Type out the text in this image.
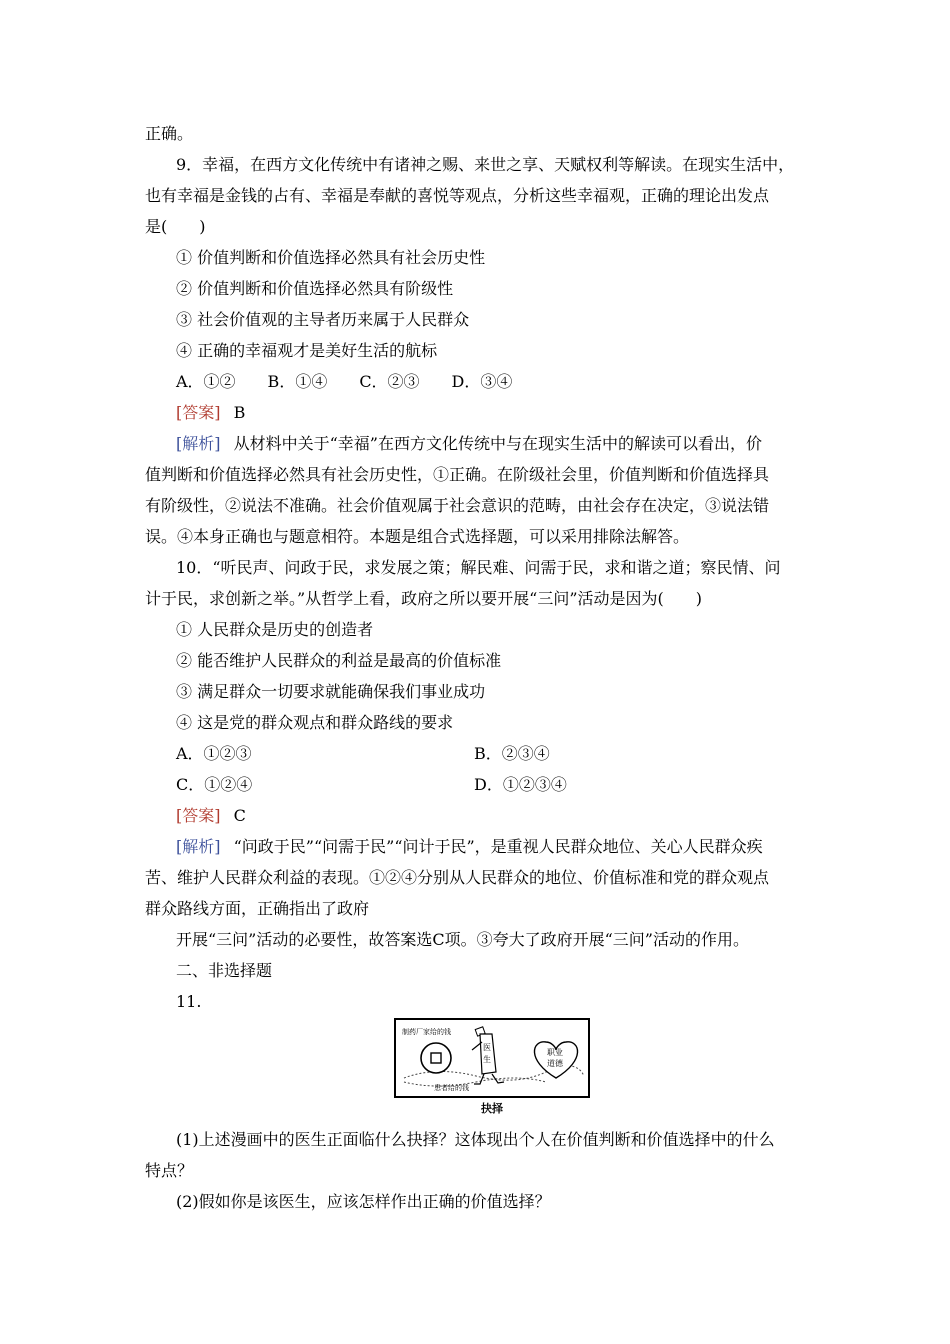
正确。
9．幸福，在西方文化传统中有诸神之赐、来世之享、天赋权利等解读。在现实生活中，
也有幸福是金钱的占有、幸福是奉献的喜悦等观点，分析这些幸福观，正确的理论出发点
是(　　)
① 价值判断和价值选择必然具有社会历史性
② 价值判断和价值选择必然具有阶级性
③ 社会价值观的主导者历来属于人民群众
④ 正确的幸福观才是美好生活的航标
A．①②　　B．①④　　C．②③　　D．③④
[答案] B
[解析] 从材料中关于“幸福”在西方文化传统中与在现实生活中的解读可以看出，价
值判断和价值选择必然具有社会历史性，①正确。在阶级社会里，价值判断和价值选择具
有阶级性，②说法不准确。社会价值观属于社会意识的范畴，由社会存在决定，③说法错
误。④本身正确也与题意相符。本题是组合式选择题，可以采用排除法解答。
10．“听民声、问政于民，求发展之策；解民难、问需于民，求和谐之道；察民情、问
计于民，求创新之举。”从哲学上看，政府之所以要开展“三问”活动是因为(　　)
① 人民群众是历史的创造者
② 能否维护人民群众的利益是最高的价值标准
③ 满足群众一切要求就能确保我们事业成功
④ 这是党的群众观点和群众路线的要求
A．①②③	B．②③④
C．①②④	D．①②③④
[答案] C
[解析] “问政于民”“问需于民”“问计于民”，是重视人民群众地位、关心人民群众疾
苦、维护人民群众利益的表现。①②④分别从人民群众的地位、价值标准和党的群众观点
群众路线方面，正确指出了政府
开展“三问”活动的必要性，故答案选C项。③夸大了政府开展“三问”活动的作用。
二、非选择题
11.
制药厂家给的钱
患者给的钱
医
生
职业
道德
抉择
(1)上述漫画中的医生正面临什么抉择？这体现出个人在价值判断和价值选择中的什么
特点？
(2)假如你是该医生，应该怎样作出正确的价值选择？
